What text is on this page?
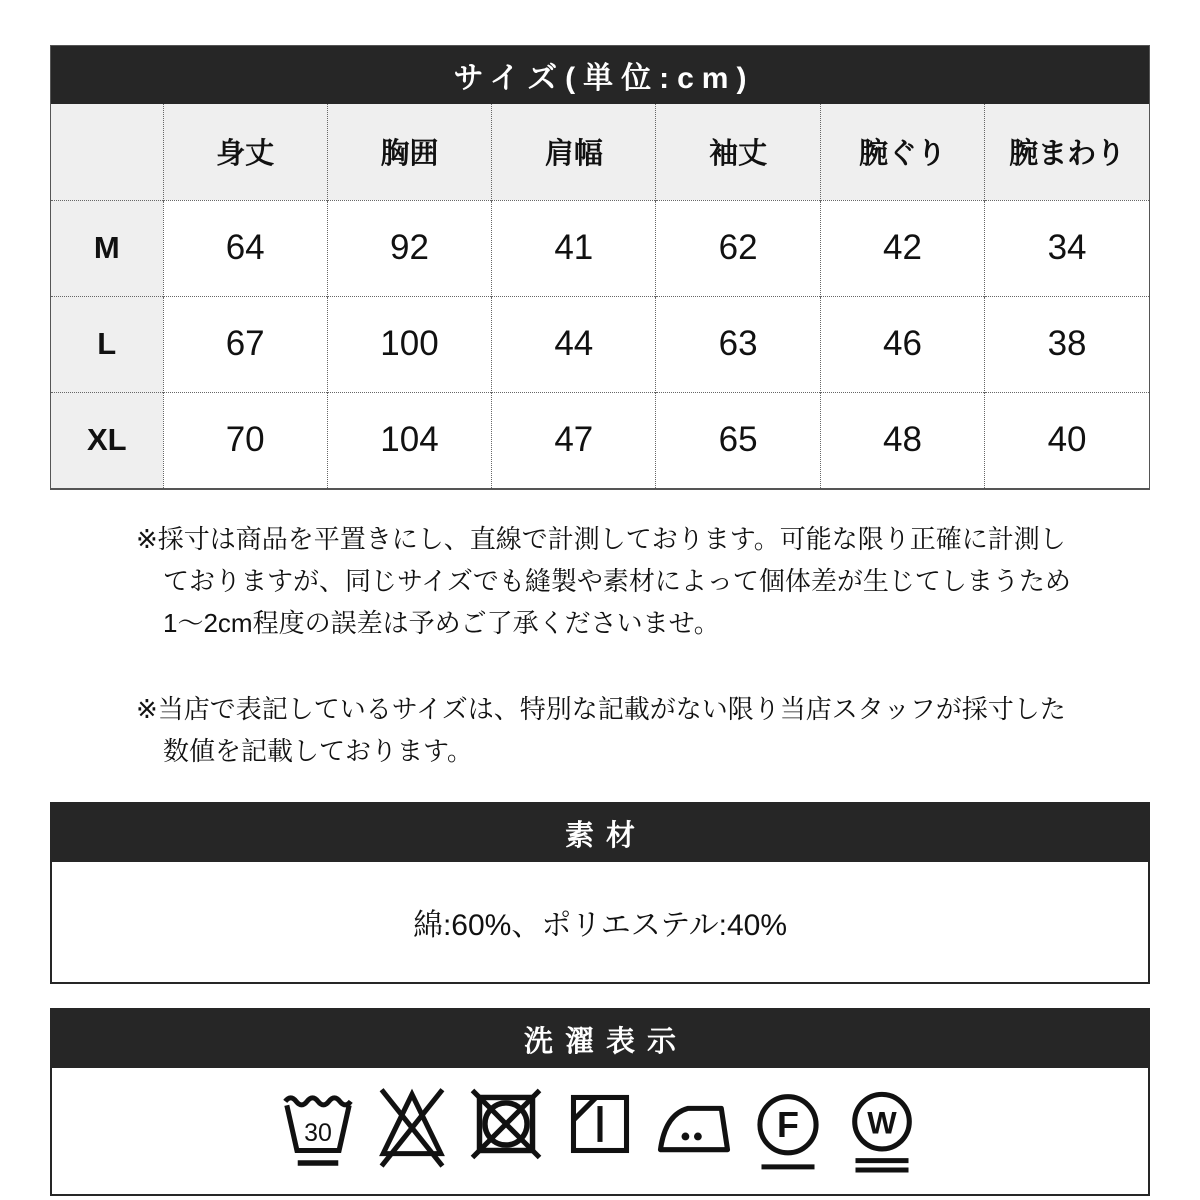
サイズ(単位:cm)
	身丈	胸囲	肩幅	袖丈	腕ぐり	腕まわり
M	64	92	41	62	42	34
L	67	100	44	63	46	38
XL	70	104	47	65	48	40

※採寸は商品を平置きにし、直線で計測しております。可能な限り正確に計測しておりますが、同じサイズでも縫製や素材によって個体差が生じてしまうため1〜2cm程度の誤差は予めご了承くださいませ。

※当店で表記しているサイズは、特別な記載がない限り当店スタッフが採寸した数値を記載しております。

素材
綿:60%、ポリエステル:40%
洗濯表示
30	F W
